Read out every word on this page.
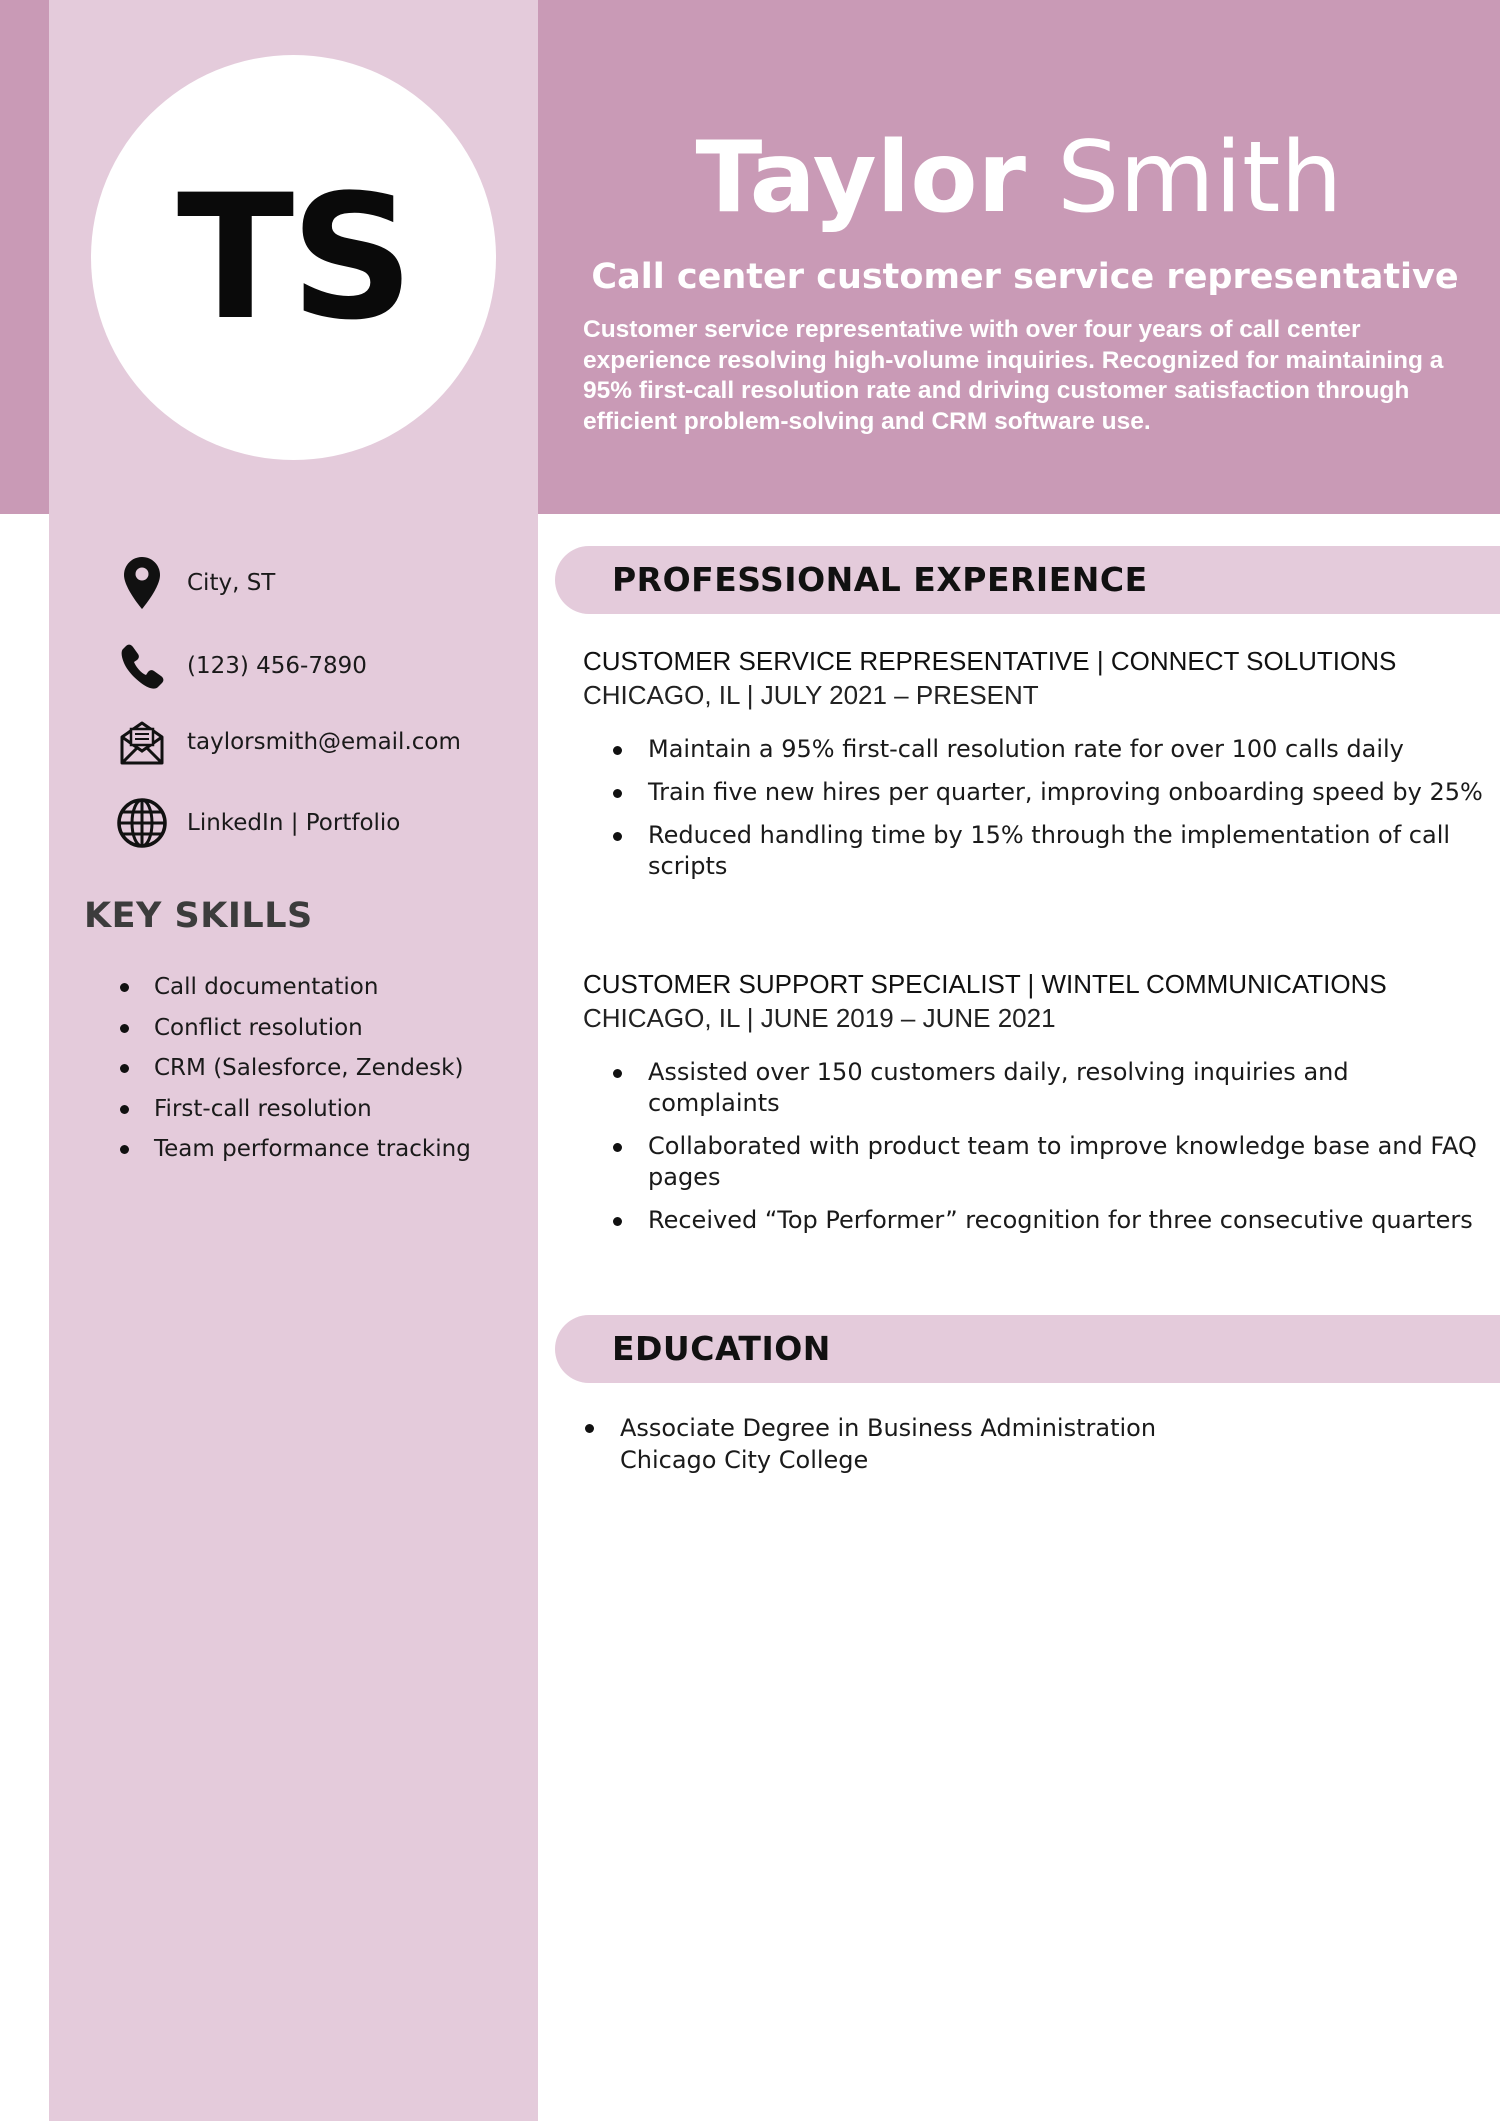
TS	Taylor Smith
Call center customer service representative
Customer service representative with over four years of call center experience resolving high-volume inquiries. Recognized for maintaining a 95% first-call resolution rate and driving customer satisfaction through efficient problem-solving and CRM software use.
City, ST
(123) 456-7890
taylorsmith@email.com
LinkedIn | Portfolio
KEY SKILLS
Call documentation
Conflict resolution
CRM (Salesforce, Zendesk)
First-call resolution
Team performance tracking
PROFESSIONAL EXPERIENCE
CUSTOMER SERVICE REPRESENTATIVE | CONNECT SOLUTIONS
CHICAGO, IL | JULY 2021 – PRESENT
Maintain a 95% first-call resolution rate for over 100 calls daily
Train five new hires per quarter, improving onboarding speed by 25%
Reduced handling time by 15% through the implementation of call scripts
CUSTOMER SUPPORT SPECIALIST | WINTEL COMMUNICATIONS
CHICAGO, IL | JUNE 2019 – JUNE 2021
Assisted over 150 customers daily, resolving inquiries and complaints
Collaborated with product team to improve knowledge base and FAQ pages
Received “Top Performer” recognition for three consecutive quarters
EDUCATION
Associate Degree in Business Administration
Chicago City College
